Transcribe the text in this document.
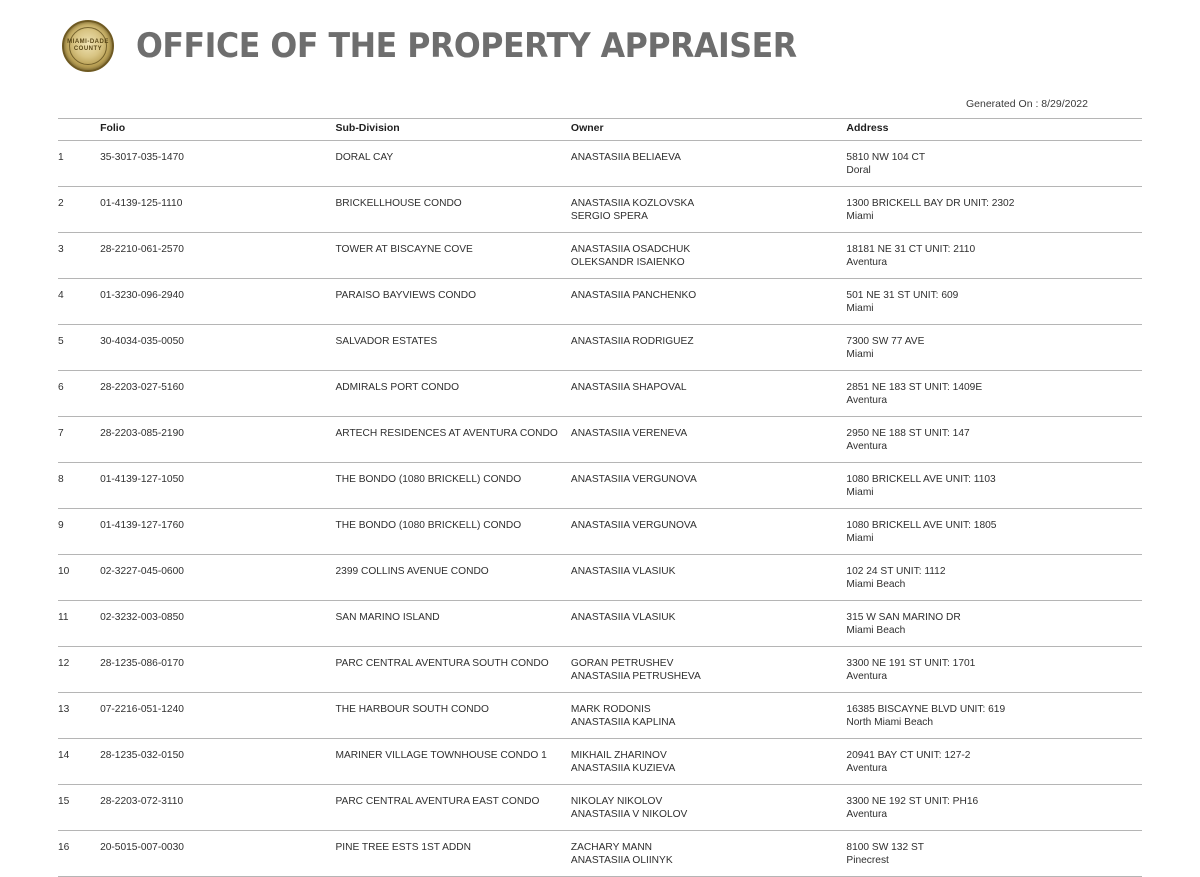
MIAMI-DADE COUNTY OFFICE OF THE PROPERTY APPRAISER
Generated On : 8/29/2022
	Folio	Sub-Division	Owner	Address
1	35-3017-035-1470	DORAL CAY	ANASTASIIA BELIAEVA	5810 NW 104 CT
Doral

2	01-4139-125-1110	BRICKELLHOUSE CONDO	ANASTASIIA KOZLOVSKA
SERGIO SPERA	1300 BRICKELL BAY DR UNIT: 2302
Miami

3	28-2210-061-2570	TOWER AT BISCAYNE COVE	ANASTASIIA OSADCHUK
OLEKSANDR ISAIENKO	18181 NE 31 CT UNIT: 2110
Aventura

4	01-3230-096-2940	PARAISO BAYVIEWS CONDO	ANASTASIIA PANCHENKO	501 NE 31 ST UNIT: 609
Miami

5	30-4034-035-0050	SALVADOR ESTATES	ANASTASIIA RODRIGUEZ	7300 SW 77 AVE
Miami

6	28-2203-027-5160	ADMIRALS PORT CONDO	ANASTASIIA SHAPOVAL	2851 NE 183 ST UNIT: 1409E
Aventura

7	28-2203-085-2190	ARTECH RESIDENCES AT AVENTURA CONDO	ANASTASIIA VERENEVA	2950 NE 188 ST UNIT: 147
Aventura

8	01-4139-127-1050	THE BONDO (1080 BRICKELL) CONDO	ANASTASIIA VERGUNOVA	1080 BRICKELL AVE UNIT: 1103
Miami

9	01-4139-127-1760	THE BONDO (1080 BRICKELL) CONDO	ANASTASIIA VERGUNOVA	1080 BRICKELL AVE UNIT: 1805
Miami

10	02-3227-045-0600	2399 COLLINS AVENUE CONDO	ANASTASIIA VLASIUK	102 24 ST UNIT: 1112
Miami Beach

11	02-3232-003-0850	SAN MARINO ISLAND	ANASTASIIA VLASIUK	315 W SAN MARINO DR
Miami Beach

12	28-1235-086-0170	PARC CENTRAL AVENTURA SOUTH CONDO	GORAN PETRUSHEV
ANASTASIIA PETRUSHEVA	3300 NE 191 ST UNIT: 1701
Aventura

13	07-2216-051-1240	THE HARBOUR SOUTH CONDO	MARK RODONIS
ANASTASIIA KAPLINA	16385 BISCAYNE BLVD UNIT: 619
North Miami Beach

14	28-1235-032-0150	MARINER VILLAGE TOWNHOUSE CONDO 1	MIKHAIL ZHARINOV
ANASTASIIA KUZIEVA	20941 BAY CT UNIT: 127-2
Aventura

15	28-2203-072-3110	PARC CENTRAL AVENTURA EAST CONDO	NIKOLAY NIKOLOV
ANASTASIIA V NIKOLOV	3300 NE 192 ST UNIT: PH16
Aventura

16	20-5015-007-0030	PINE TREE ESTS 1ST ADDN	ZACHARY MANN
ANASTASIIA OLIINYK	8100 SW 132 ST
Pinecrest
